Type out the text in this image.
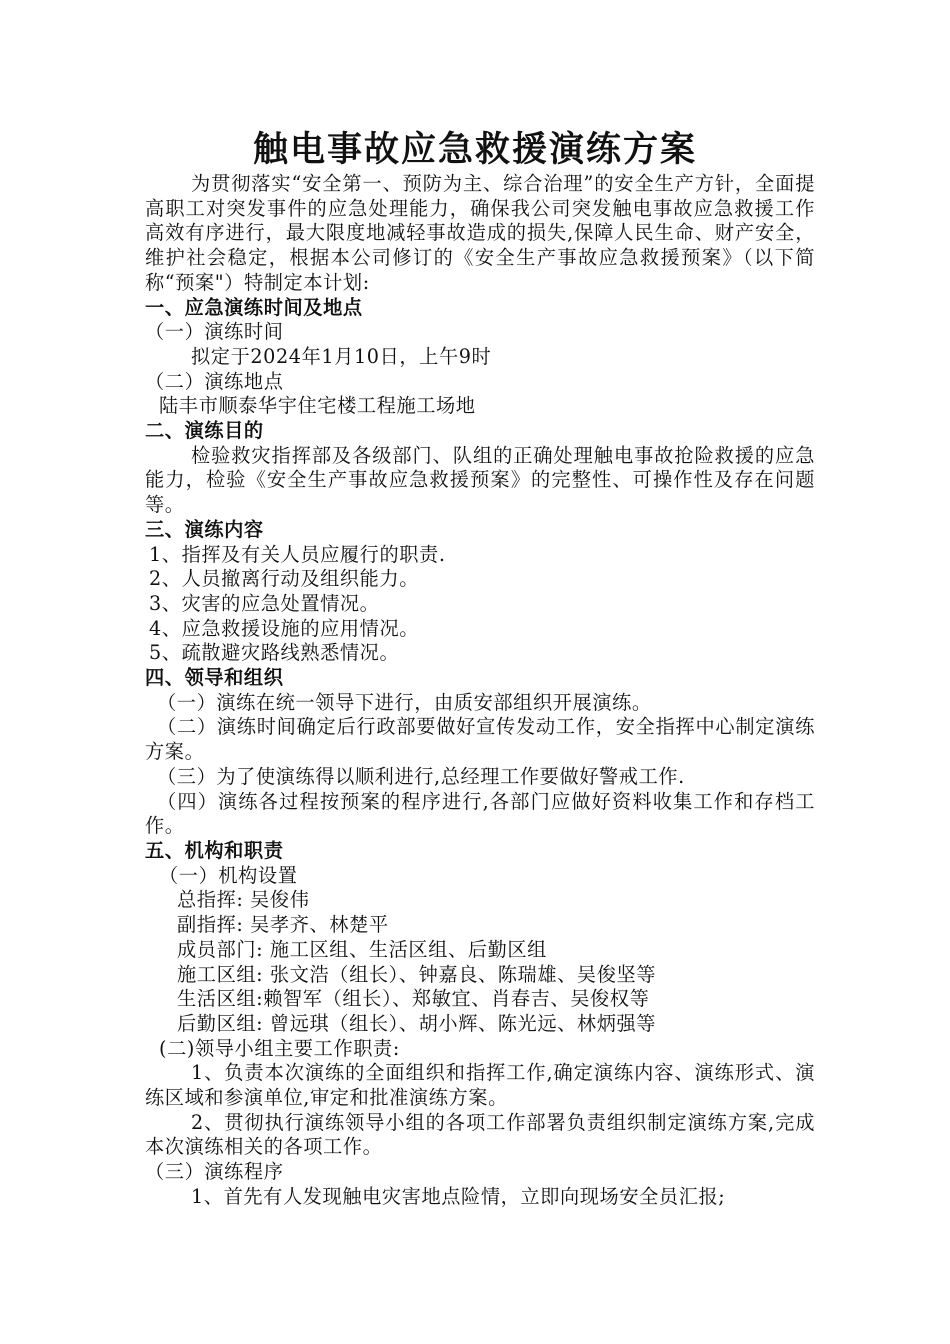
触电事故应急救援演练方案

为贯彻落实“安全第一、预防为主、综合治理”的安全生产方针，全面提高职工对突发事件的应急处理能力，确保我公司突发触电事故应急救援工作高效有序进行，最大限度地减轻事故造成的损失,保障人民生命、财产安全，维护社会稳定，根据本公司修订的《安全生产事故应急救援预案》（以下简称“预案"）特制定本计划:

一、应急演练时间及地点

（一）演练时间

拟定于2024年1月10日，上午9时

（二）演练地点

陆丰市顺泰华宇住宅楼工程施工场地

二、演练目的

检验救灾指挥部及各级部门、队组的正确处理触电事故抢险救援的应急能力，检验《安全生产事故应急救援预案》的完整性、可操作性及存在问题等。

三、演练内容

1、指挥及有关人员应履行的职责.

2、人员撤离行动及组织能力。

3、灾害的应急处置情况。

4、应急救援设施的应用情况。

5、疏散避灾路线熟悉情况。

四、领导和组织

（一）演练在统一领导下进行，由质安部组织开展演练。

（二）演练时间确定后行政部要做好宣传发动工作，安全指挥中心制定演练方案。

（三）为了使演练得以顺利进行,总经理工作要做好警戒工作.

（四）演练各过程按预案的程序进行,各部门应做好资料收集工作和存档工作。

五、机构和职责

（一）机构设置

总指挥: 吴俊伟

副指挥: 吴孝齐、林楚平

成员部门: 施工区组、生活区组、后勤区组

施工区组: 张文浩（组长）、钟嘉良、陈瑞雄、吴俊坚等

生活区组:赖智军（组长）、郑敏宜、肖春吉、吴俊权等

后勤区组: 曾远琪（组长）、胡小辉、陈光远、林炳强等

(二)领导小组主要工作职责:

1、负责本次演练的全面组织和指挥工作,确定演练内容、演练形式、演练区域和参演单位,审定和批准演练方案。

2、贯彻执行演练领导小组的各项工作部署负责组织制定演练方案,完成本次演练相关的各项工作。

（三）演练程序

1、首先有人发现触电灾害地点险情，立即向现场安全员汇报;
